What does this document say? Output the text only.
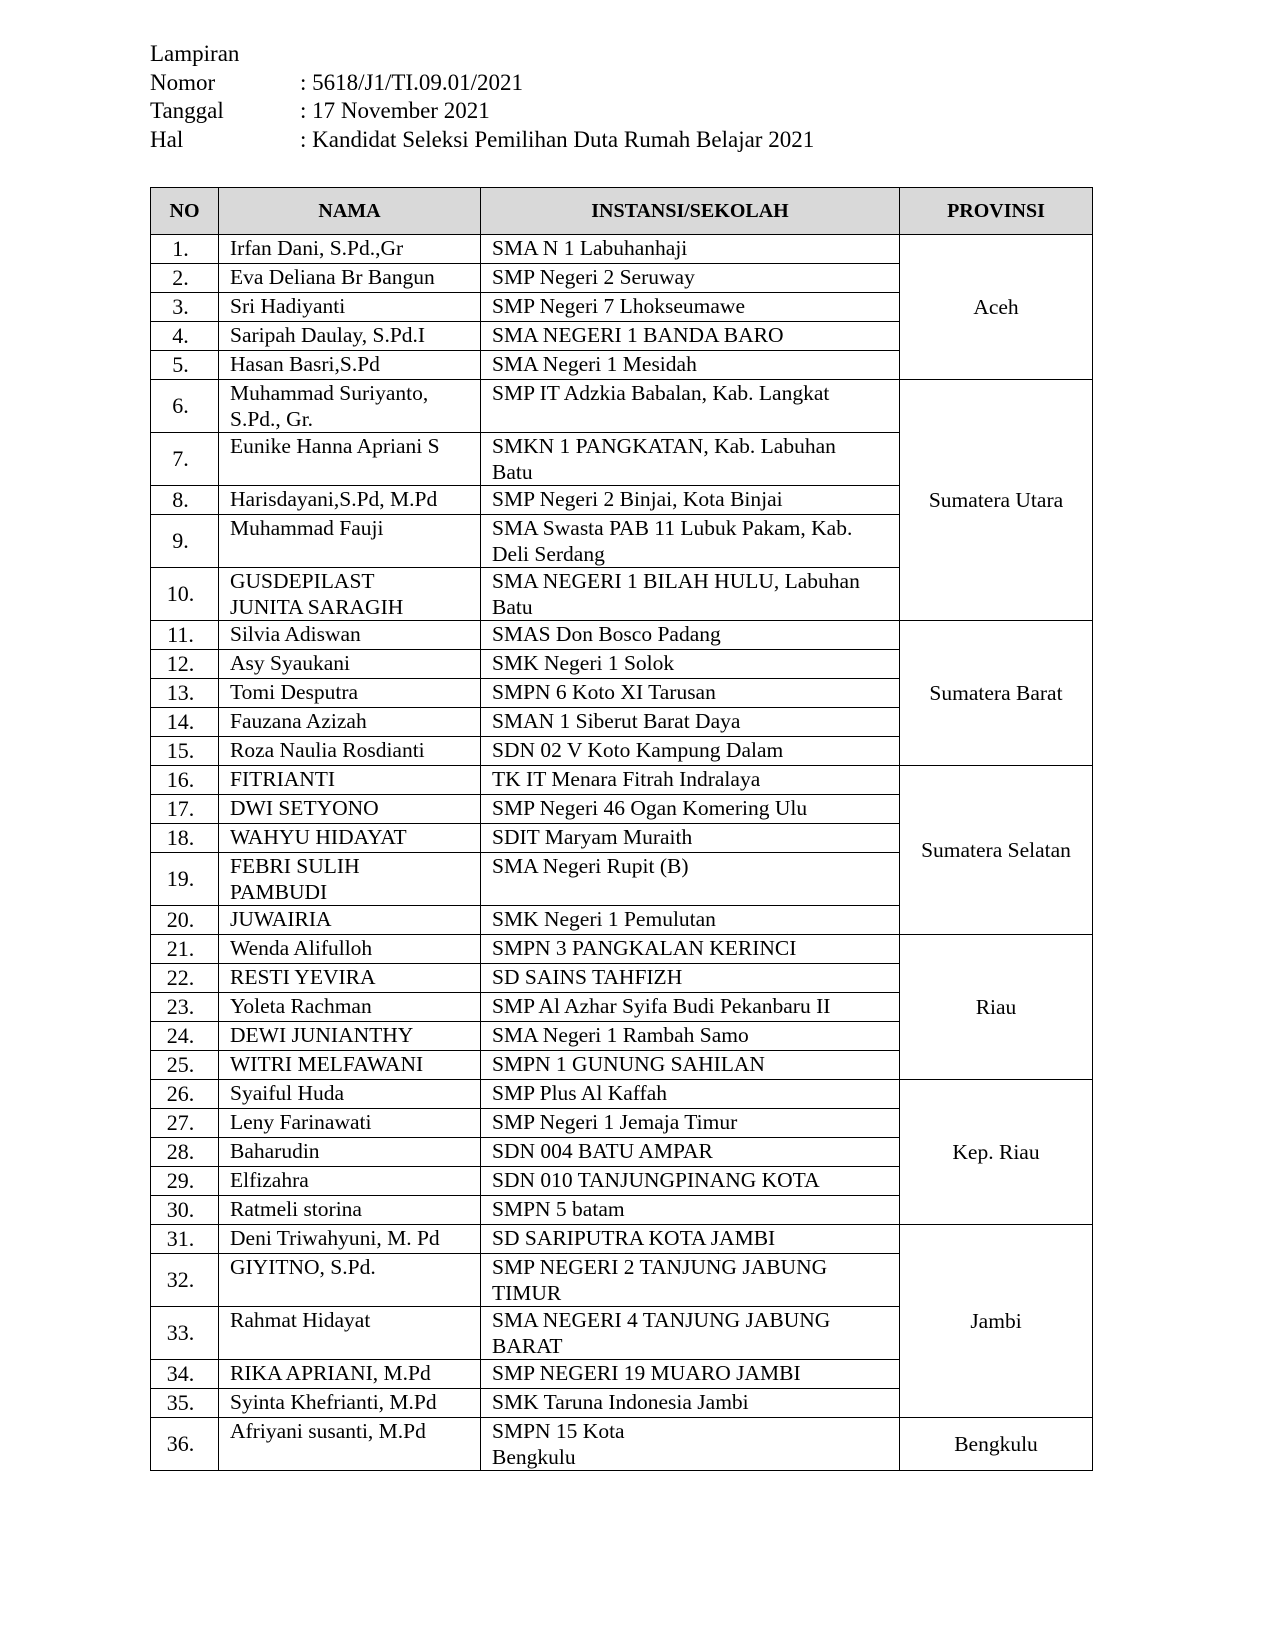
Lampiran
Nomor	: 5618/J1/TI.09.01/2021
Tanggal	: 17 November 2021
Hal	: Kandidat Seleksi Pemilihan Duta Rumah Belajar 2021
NO	NAMA	INSTANSI/SEKOLAH	PROVINSI
1.	Irfan Dani, S.Pd.,Gr	SMA N 1 Labuhanhaji	Aceh
2.	Eva Deliana Br Bangun	SMP Negeri 2 Seruway	
3.	Sri Hadiyanti	SMP Negeri 7 Lhokseumawe	
4.	Saripah Daulay, S.Pd.I	SMA NEGERI 1 BANDA BARO	
5.	Hasan Basri,S.Pd	SMA Negeri 1 Mesidah	
6.	Muhammad Suriyanto,
S.Pd., Gr.	SMP IT Adzkia Babalan, Kab. Langkat	Sumatera Utara
7.	Eunike Hanna Apriani S	SMKN 1 PANGKATAN, Kab. Labuhan
Batu	
8.	Harisdayani,S.Pd, M.Pd	SMP Negeri 2 Binjai, Kota Binjai	
9.	Muhammad Fauji	SMA Swasta PAB 11 Lubuk Pakam, Kab.
Deli Serdang	
10.	GUSDEPILAST
JUNITA SARAGIH	SMA NEGERI 1 BILAH HULU, Labuhan
Batu	
11.	Silvia Adiswan	SMAS Don Bosco Padang	Sumatera Barat
12.	Asy Syaukani	SMK Negeri 1 Solok	
13.	Tomi Desputra	SMPN 6 Koto XI Tarusan	
14.	Fauzana Azizah	SMAN 1 Siberut Barat Daya	
15.	Roza Naulia Rosdianti	SDN 02 V Koto Kampung Dalam	
16.	FITRIANTI	TK IT Menara Fitrah Indralaya	Sumatera Selatan
17.	DWI SETYONO	SMP Negeri 46 Ogan Komering Ulu	
18.	WAHYU HIDAYAT	SDIT Maryam Muraith	
19.	FEBRI SULIH
PAMBUDI	SMA Negeri Rupit (B)	
20.	JUWAIRIA	SMK Negeri 1 Pemulutan	
21.	Wenda Alifulloh	SMPN 3 PANGKALAN KERINCI	Riau
22.	RESTI YEVIRA	SD SAINS TAHFIZH	
23.	Yoleta Rachman	SMP Al Azhar Syifa Budi Pekanbaru II	
24.	DEWI JUNIANTHY	SMA Negeri 1 Rambah Samo	
25.	WITRI MELFAWANI	SMPN 1 GUNUNG SAHILAN	
26.	Syaiful Huda	SMP Plus Al Kaffah	Kep. Riau
27.	Leny Farinawati	SMP Negeri 1 Jemaja Timur	
28.	Baharudin	SDN 004 BATU AMPAR	
29.	Elfizahra	SDN 010 TANJUNGPINANG KOTA	
30.	Ratmeli storina	SMPN 5 batam	
31.	Deni Triwahyuni, M. Pd	SD SARIPUTRA KOTA JAMBI	Jambi
32.	GIYITNO, S.Pd.	SMP NEGERI 2 TANJUNG JABUNG
TIMUR	
33.	Rahmat Hidayat	SMA NEGERI 4 TANJUNG JABUNG
BARAT	
34.	RIKA APRIANI, M.Pd	SMP NEGERI 19 MUARO JAMBI	
35.	Syinta Khefrianti, M.Pd	SMK Taruna Indonesia Jambi	
36.	Afriyani susanti, M.Pd	SMPN 15 Kota
Bengkulu	Bengkulu
